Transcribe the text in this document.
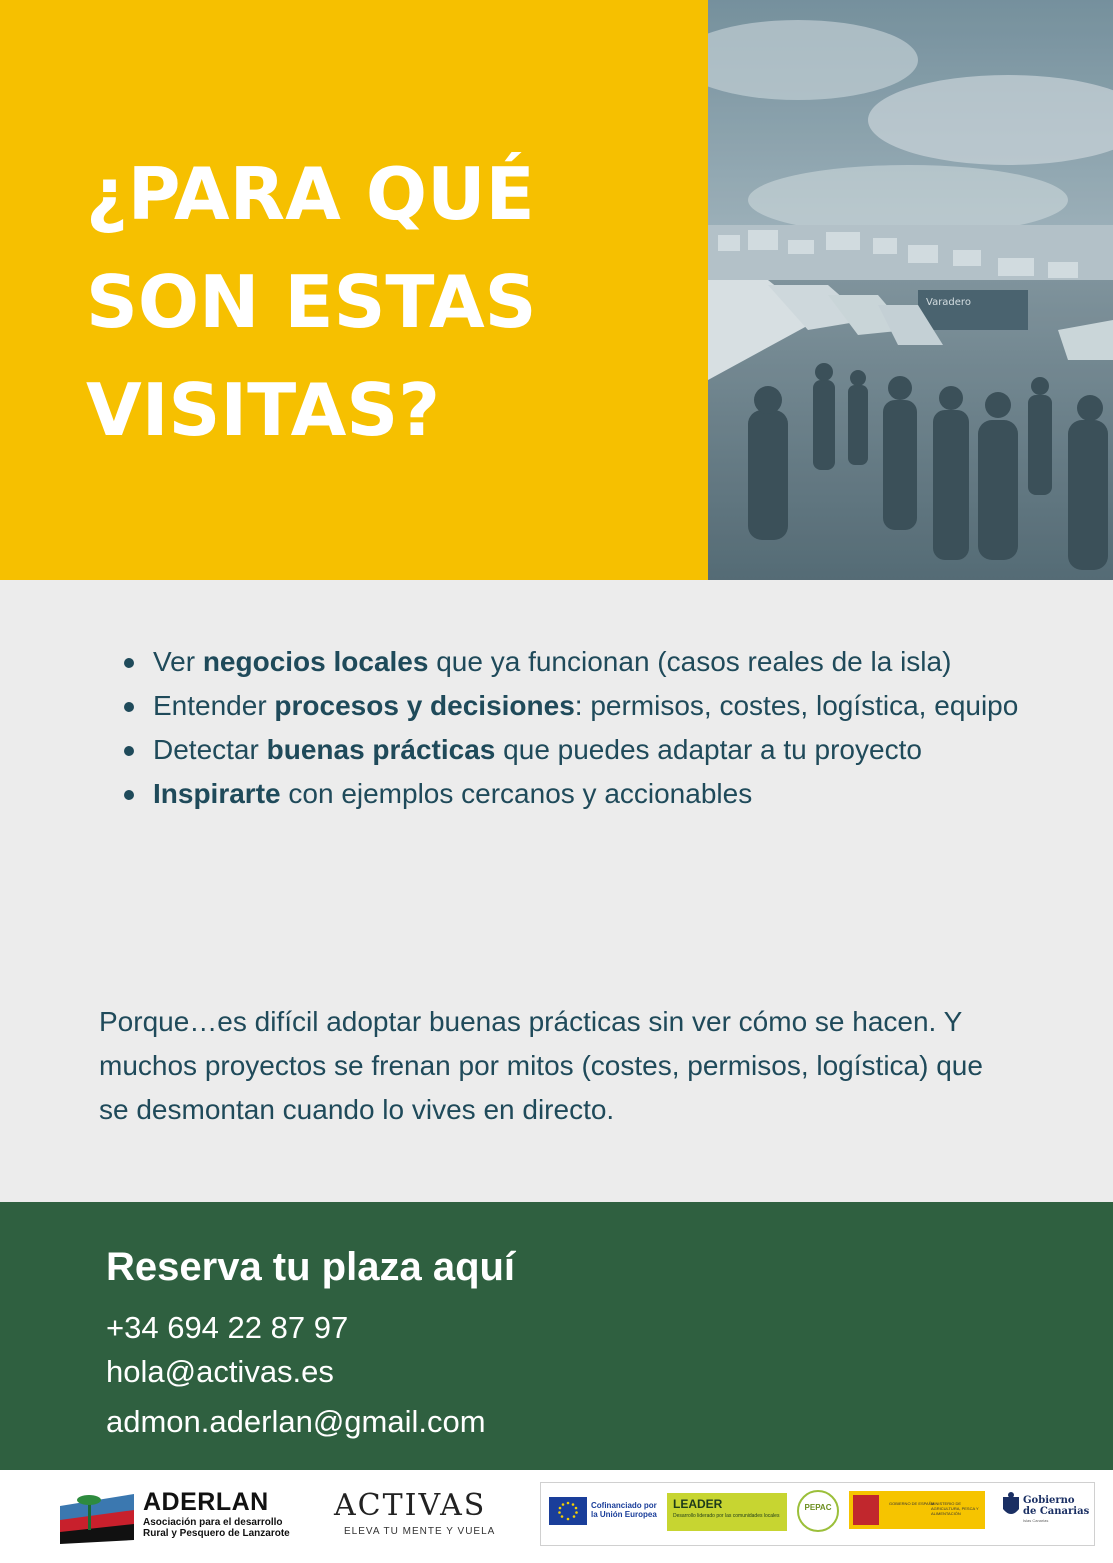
¿PARA QUÉ
SON ESTAS
VISITAS?
Varadero
Ver negocios locales que ya funcionan (casos reales de la isla)
Entender procesos y decisiones: permisos, costes, logística, equipo
Detectar buenas prácticas que puedes adaptar a tu proyecto
Inspirarte con ejemplos cercanos y accionables

Porque…es difícil adoptar buenas prácticas sin ver cómo se hacen. Y muchos proyectos se frenan por mitos (costes, permisos, logística) que se desmontan cuando lo vives en directo.

Reserva tu plaza aquí
+34 694 22 87 97
hola@activas.es
admon.aderlan@gmail.com
ADERLAN
Asociación para el desarrollo
Rural y Pesquero de Lanzarote
ACTIVAS
ELEVA TU MENTE Y VUELA
Cofinanciado por
la Unión Europea
LEADER
Desarrollo liderado por las comunidades locales
PEPAC	GOBIERNO DE ESPAÑA
MINISTERIO DE AGRICULTURA, PESCA Y ALIMENTACIÓN
Gobierno
de Canarias
Islas Canarias
